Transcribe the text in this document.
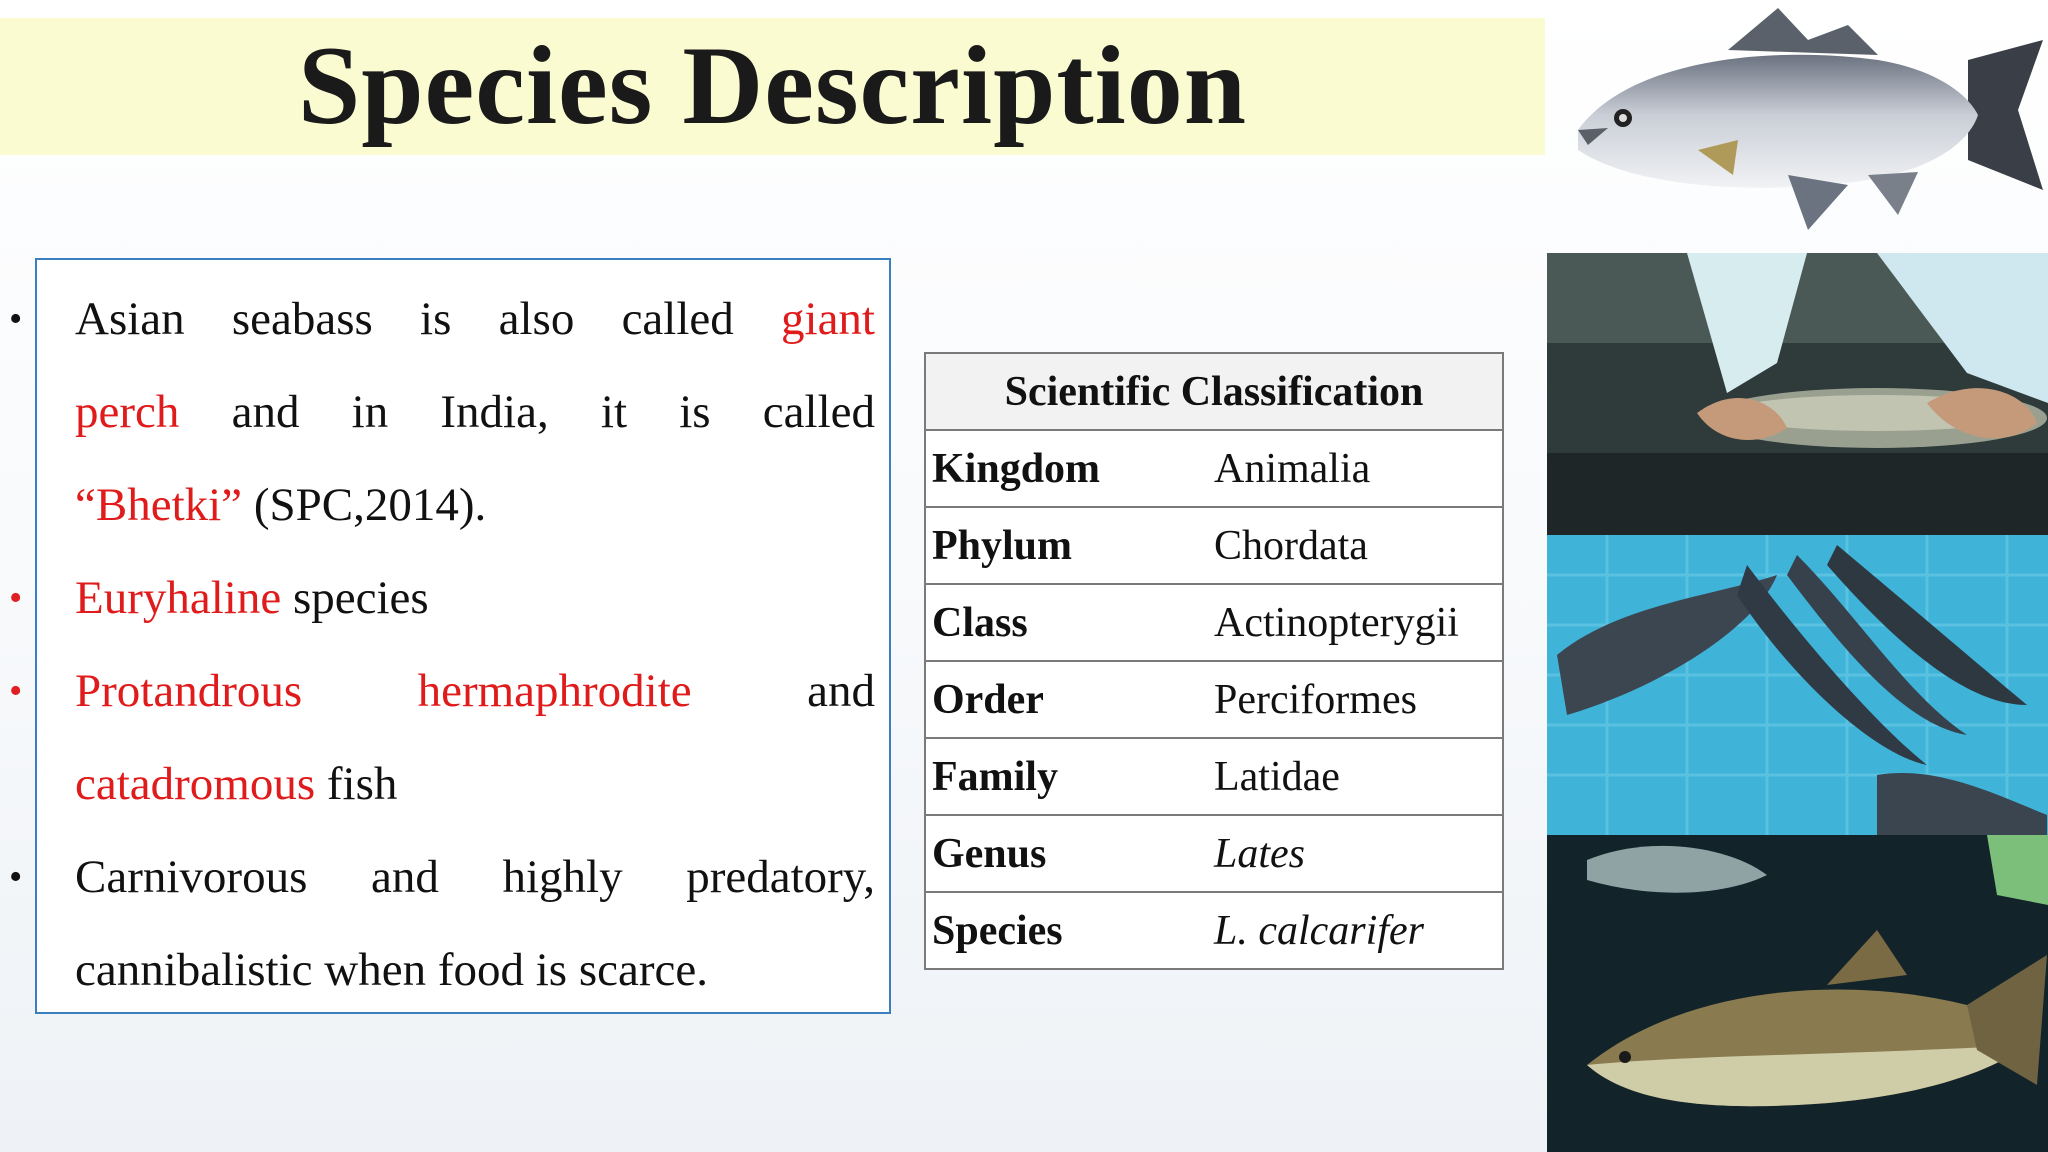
Species Description
•	Asian seabass is also called giant
perch and in India, it is called
“Bhetki” (SPC,2014).
•	Euryhaline species
•	Protandrous hermaphrodite and
catadromous fish
•	Carnivorous and highly predatory,
cannibalistic when food is scarce.
Scientific Classification	
Kingdom	Animalia
Phylum	Chordata
Class	Actinopterygii
Order	Perciformes
Family	Latidae
Genus	Lates
Species	L. calcarifer
